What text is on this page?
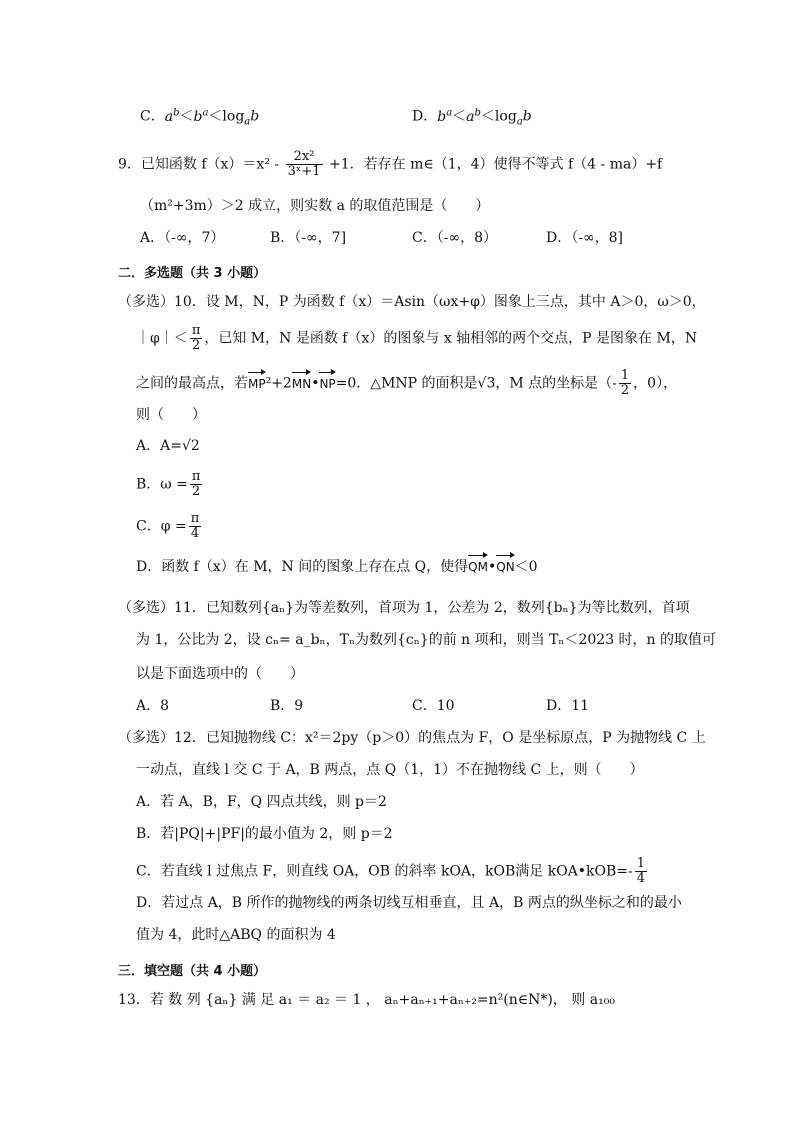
C．$a^b<b^a<\log_ab$	D．$b^a<a^b<\log_ab$
9．已知函数 $f(x)=x^2 - \frac{\text{2x²}}{\text{3ˣ+1}} +1$．若存在 m∈（1，4）使得不等式 f（4 - ma）+f
（m²+3m）＞2 成立，则实数 a 的取值范围是（　　）
A．（-∞，7）	B．（-∞，7]	C．（-∞，8）	D．（-∞，8]
二．多选题（共 3 小题）
（多选）10．设 M，N，P 为函数 f（x）＝Asin（ωx+φ）图象上三点，其中 A＞0，ω＞0，
｜φ｜＜ $\frac{\pi}{2}$ ，已知 M，N 是函数 f（x）的图象与 x 轴相邻的两个交点，P 是图象在 M，N
之间的最高点，若MP²+2MN•NP=0．△MNP 的面积是√3，M 点的坐标是（- $\frac{1}{2}$ ，0），
则（　　）
A．A=√2
B．$\omega = \frac{\pi}{2}$
C．$\varphi = \frac{\pi}{4}$
D．函数 f（x）在 M，N 间的图象上存在点 Q，使得QM•QN＜0
（多选）11．已知数列{aₙ}为等差数列，首项为 1，公差为 2，数列{bₙ}为等比数列，首项
为 1，公比为 2，设 cₙ= a_bₙ，Tₙ为数列{cₙ}的前 n 项和，则当 Tₙ＜2023 时，n 的取值可
以是下面选项中的（　　）
A．8	B．9	C．10	D．11
（多选）12．已知抛物线 C：x²＝2py（p＞0）的焦点为 F，O 是坐标原点，P 为抛物线 C 上
一动点，直线 l 交 C 于 A，B 两点，点 Q（1，1）不在抛物线 C 上，则（　　）
A．若 A，B，F，Q 四点共线，则 p＝2
B．若|PQ|+|PF|的最小值为 2，则 p＝2
C．若直线 l 过焦点 F，则直线 OA，OB 的斜率 kOA，kOB满足 kOA•kOB=- $\frac{1}{4}$
D．若过点 A，B 所作的抛物线的两条切线互相垂直，且 A，B 两点的纵坐标之和的最小
值为 4，此时△ABQ 的面积为 4
三．填空题（共 4 小题）
13．若 数 列 {aₙ} 满 足 a₁ ＝ a₂ ＝ 1 ， aₙ+aₙ₊₁+aₙ₊₂=n²(n∈N*)， 则 a₁₀₀
